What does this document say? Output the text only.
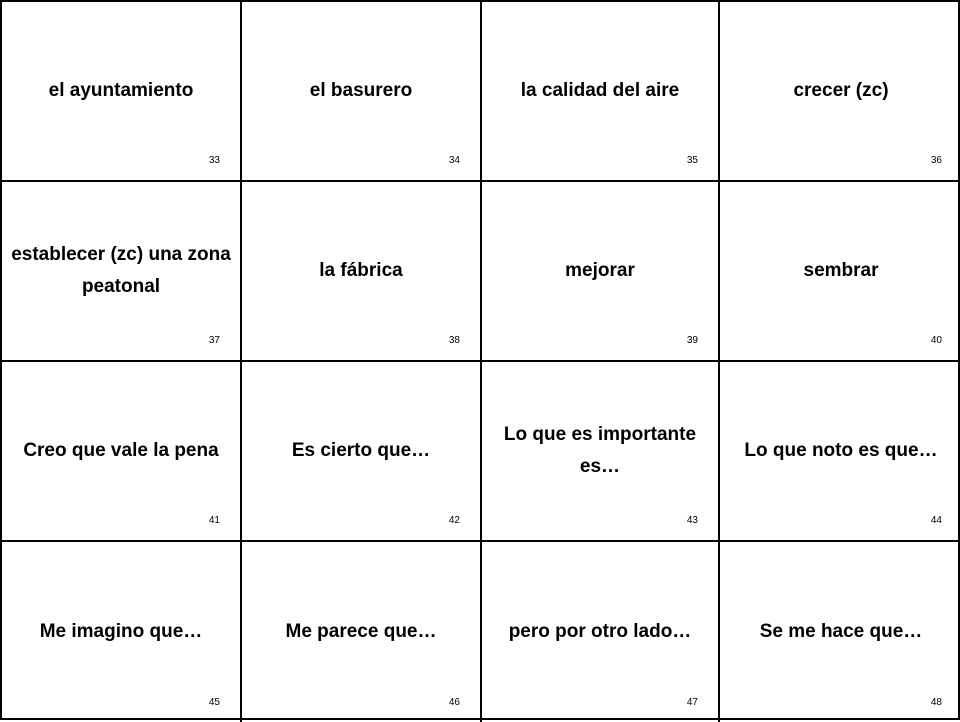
el ayuntamiento
33
el basurero
34
la calidad del aire
35
crecer (zc)
36
establecer (zc) una zona peatonal
37
la fábrica
38
mejorar
39
sembrar
40
Creo que vale la pena
41
Es cierto que…
42
Lo que es importante es…
43
Lo que noto es que…
44
Me imagino que…
45
Me parece que…
46
pero por otro lado…
47
Se me hace que…
48
